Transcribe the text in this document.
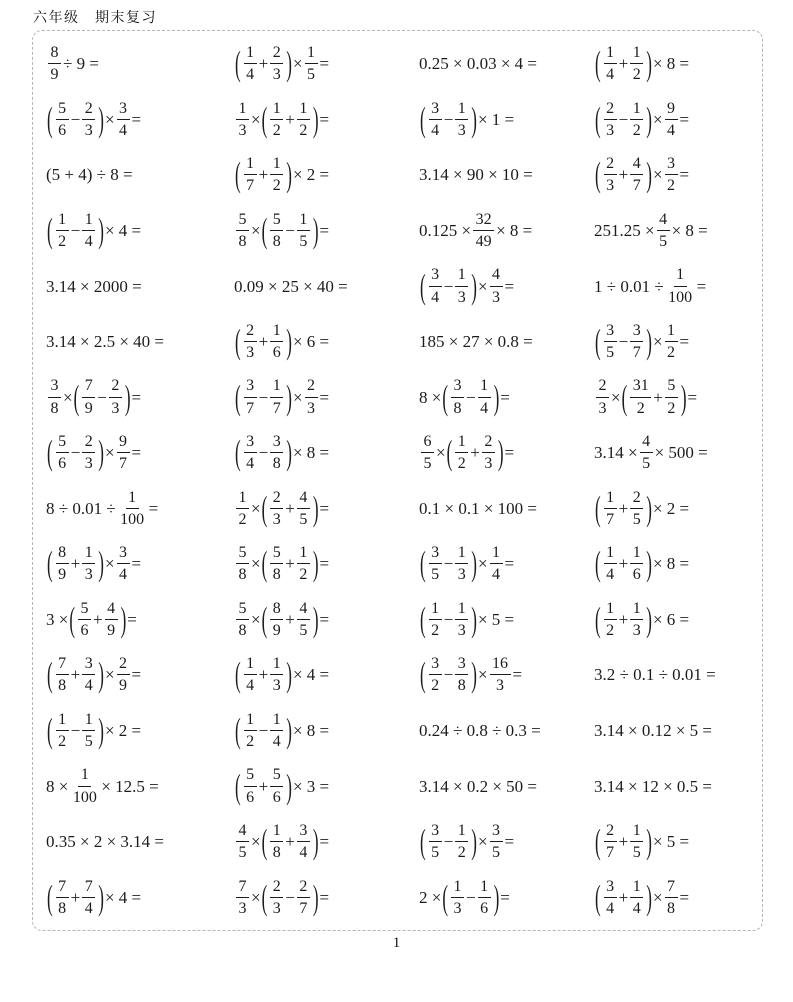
六年级　期末复习
$\frac{8}{9} \div 9$ =	( $\frac{1}{4} + \frac{2}{3}$ ) × $\frac{1}{5}$ =	0.25 × 0.03 × 4 =	( $\frac{1}{4} + \frac{1}{2}$ ) × 8 =
( $\frac{5}{6} - \frac{2}{3}$ ) × $\frac{3}{4}$ =	$\frac{1}{3}$ × ( $\frac{1}{2} + \frac{1}{2}$ ) =	( $\frac{3}{4} - \frac{1}{3}$ ) × 1 =	( $\frac{2}{3} - \frac{1}{2}$ ) × $\frac{9}{4}$ =
(5 + 4) ÷ 8 =	( $\frac{1}{7} + \frac{1}{2}$ ) × 2 =	3.14 × 90 × 10 =	( $\frac{2}{3} + \frac{4}{7}$ ) × $\frac{3}{2}$ =
( $\frac{1}{2} - \frac{1}{4}$ ) × 4 =	$\frac{5}{8}$ × ( $\frac{5}{8} - \frac{1}{5}$ ) =	$0.125 \times \frac{32}{49} \times 8$ =	$251.25 \times \frac{4}{5} \times 8$ =
3.14 × 2000 =	0.09 × 25 × 40 =	( $\frac{3}{4} - \frac{1}{3}$ ) × $\frac{4}{3}$ =	$1 \div 0.01 \div \frac{1}{100}$ =
3.14 × 2.5 × 40 =	( $\frac{2}{3} + \frac{1}{6}$ ) × 6 =	185 × 27 × 0.8 =	( $\frac{3}{5} - \frac{3}{7}$ ) × $\frac{1}{2}$ =
$\frac{3}{8}$ × ( $\frac{7}{9} - \frac{2}{3}$ ) =	( $\frac{3}{7} - \frac{1}{7}$ ) × $\frac{2}{3}$ =	8 × ( $\frac{3}{8} - \frac{1}{4}$ ) =	$\frac{2}{3}$ × ( $\frac{31}{2} + \frac{5}{2}$ ) =
( $\frac{5}{6} - \frac{2}{3}$ ) × $\frac{9}{7}$ =	( $\frac{3}{4} - \frac{3}{8}$ ) × 8 =	$\frac{6}{5}$ × ( $\frac{1}{2} + \frac{2}{3}$ ) =	$3.14 \times \frac{4}{5} \times 500$ =
$8 \div 0.01 \div \frac{1}{100}$ =	$\frac{1}{2}$ × ( $\frac{2}{3} + \frac{4}{5}$ ) =	0.1 × 0.1 × 100 =	( $\frac{1}{7} + \frac{2}{5}$ ) × 2 =
( $\frac{8}{9} + \frac{1}{3}$ ) × $\frac{3}{4}$ =	$\frac{5}{8}$ × ( $\frac{5}{8} + \frac{1}{2}$ ) =	( $\frac{3}{5} - \frac{1}{3}$ ) × $\frac{1}{4}$ =	( $\frac{1}{4} + \frac{1}{6}$ ) × 8 =
3 × ( $\frac{5}{6} + \frac{4}{9}$ ) =	$\frac{5}{8}$ × ( $\frac{8}{9} + \frac{4}{5}$ ) =	( $\frac{1}{2} - \frac{1}{3}$ ) × 5 =	( $\frac{1}{2} + \frac{1}{3}$ ) × 6 =
( $\frac{7}{8} + \frac{3}{4}$ ) × $\frac{2}{9}$ =	( $\frac{1}{4} + \frac{1}{3}$ ) × 4 =	( $\frac{3}{2} - \frac{3}{8}$ ) × $\frac{16}{3}$ =	3.2 ÷ 0.1 ÷ 0.01 =
( $\frac{1}{2} - \frac{1}{5}$ ) × 2 =	( $\frac{1}{2} - \frac{1}{4}$ ) × 8 =	0.24 ÷ 0.8 ÷ 0.3 =	3.14 × 0.12 × 5 =
$8 \times \frac{1}{100} \times 12.5$ =	( $\frac{5}{6} + \frac{5}{6}$ ) × 3 =	3.14 × 0.2 × 50 =	3.14 × 12 × 0.5 =
0.35 × 2 × 3.14 =	$\frac{4}{5}$ × ( $\frac{1}{8} + \frac{3}{4}$ ) =	( $\frac{3}{5} - \frac{1}{2}$ ) × $\frac{3}{5}$ =	( $\frac{2}{7} + \frac{1}{5}$ ) × 5 =
( $\frac{7}{8} + \frac{7}{4}$ ) × 4 =	$\frac{7}{3}$ × ( $\frac{2}{3} - \frac{2}{7}$ ) =	2 × ( $\frac{1}{3} - \frac{1}{6}$ ) =	( $\frac{3}{4} + \frac{1}{4}$ ) × $\frac{7}{8}$ =
1
